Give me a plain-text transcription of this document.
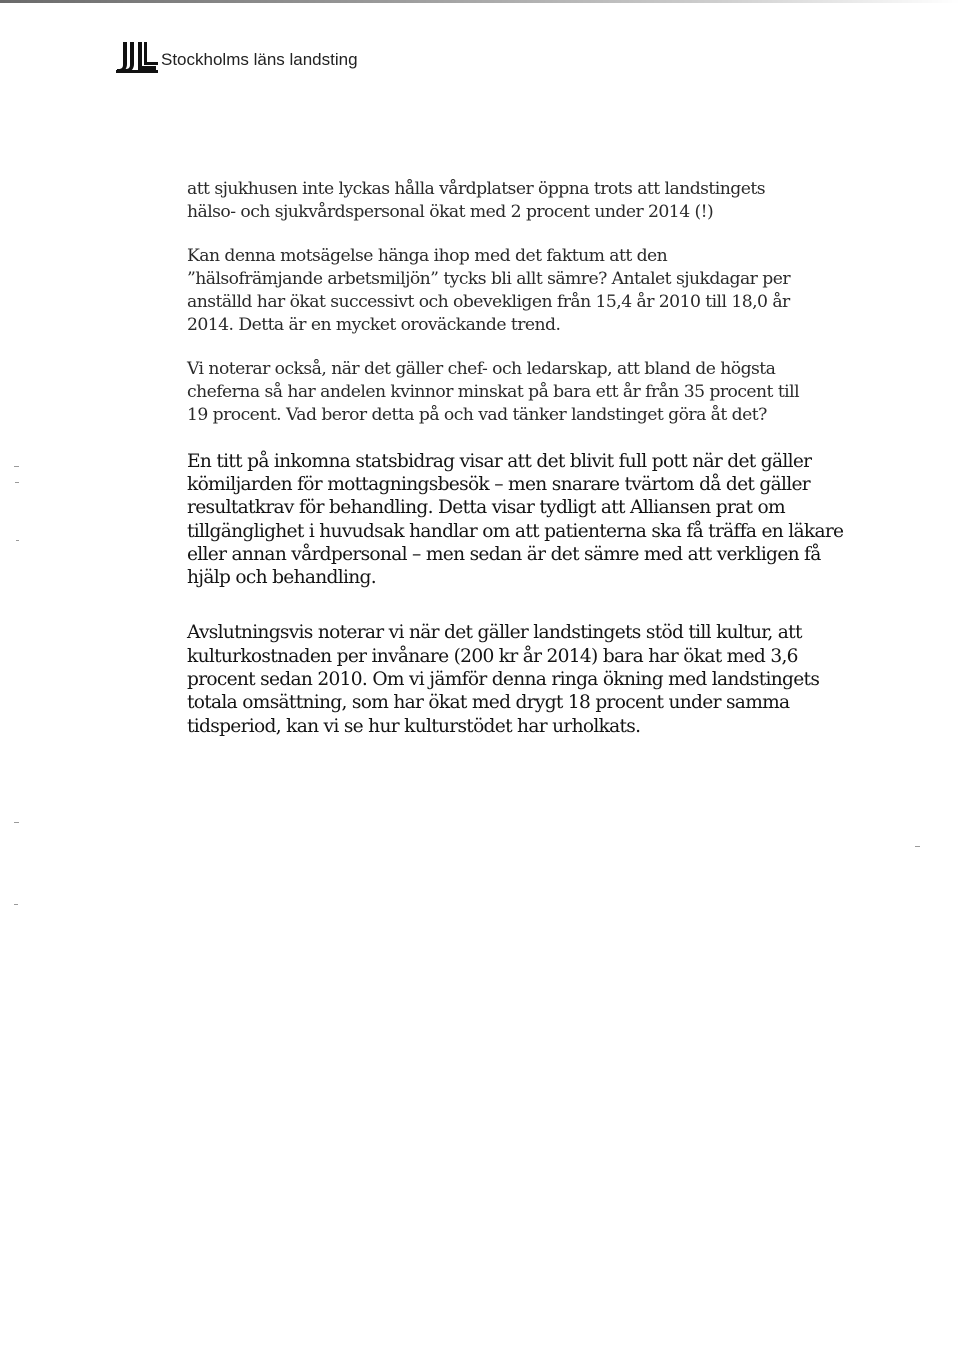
Stockholms läns landsting

att sjukhusen inte lyckas hålla vårdplatser öppna trots att landstingets
hälso- och sjukvårdspersonal ökat med 2 procent under 2014 (!)

Kan denna motsägelse hänga ihop med det faktum att den
”hälsofrämjande arbetsmiljön” tycks bli allt sämre? Antalet sjukdagar per
anställd har ökat successivt och obevekligen från 15,4 år 2010 till 18,0 år
2014. Detta är en mycket oroväckande trend.

Vi noterar också, när det gäller chef- och ledarskap, att bland de högsta
cheferna så har andelen kvinnor minskat på bara ett år från 35 procent till
19 procent. Vad beror detta på och vad tänker landstinget göra åt det?

En titt på inkomna statsbidrag visar att det blivit full pott när det gäller
kömiljarden för mottagningsbesök – men snarare tvärtom då det gäller
resultatkrav för behandling. Detta visar tydligt att Alliansen prat om
tillgänglighet i huvudsak handlar om att patienterna ska få träffa en läkare
eller annan vårdpersonal – men sedan är det sämre med att verkligen få
hjälp och behandling.

Avslutningsvis noterar vi när det gäller landstingets stöd till kultur, att
kulturkostnaden per invånare (200 kr år 2014) bara har ökat med 3,6
procent sedan 2010. Om vi jämför denna ringa ökning med landstingets
totala omsättning, som har ökat med drygt 18 procent under samma
tidsperiod, kan vi se hur kulturstödet har urholkats.
